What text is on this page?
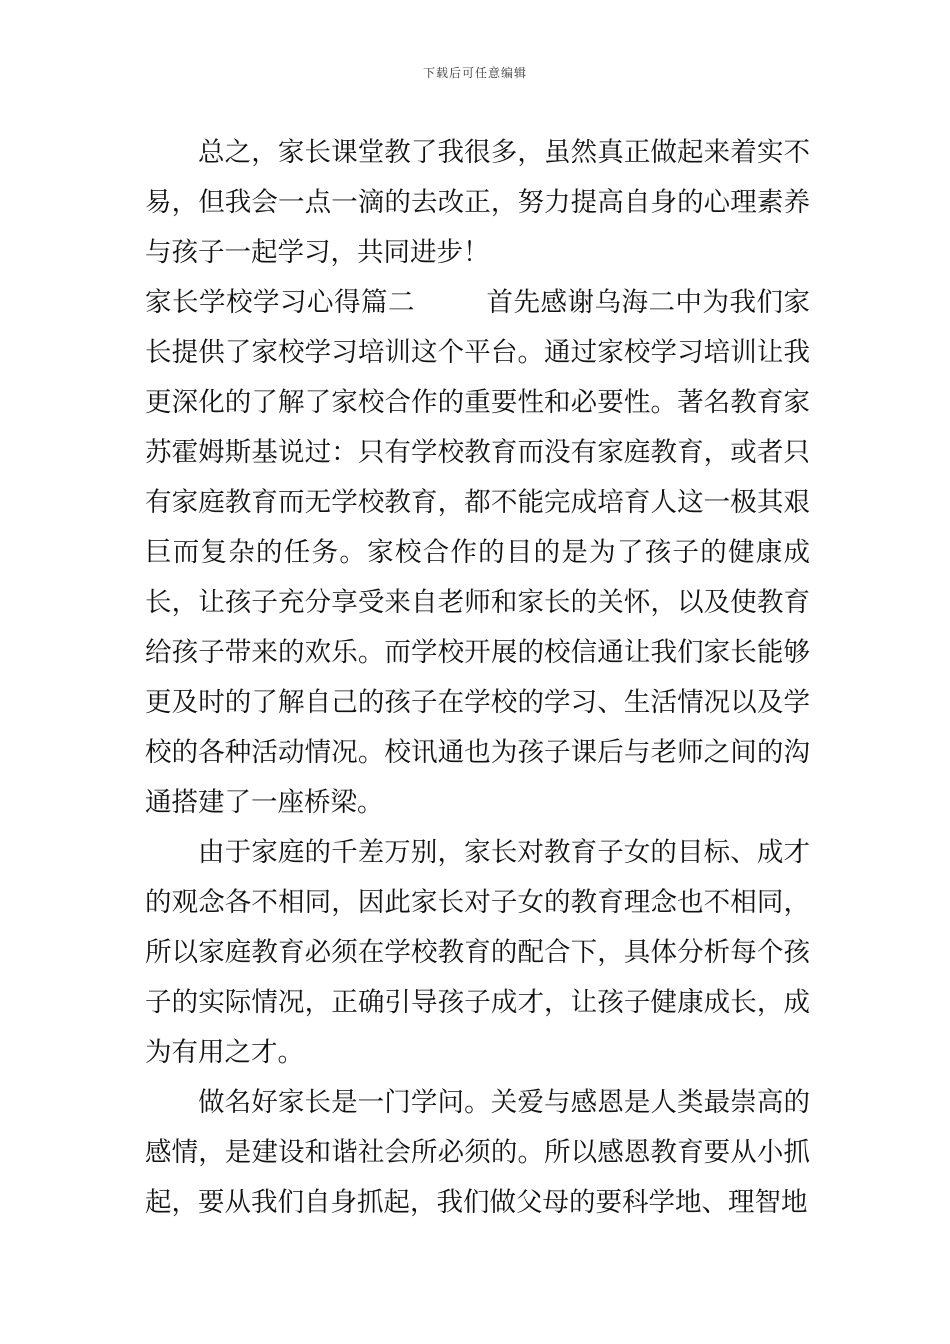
下载后可任意编辑

总之，家长课堂教了我很多，虽然真正做起来着实不易，但我会一点一滴的去改正，努力提高自身的心理素养与孩子一起学习，共同进步！

家长学校学习心得篇二	首先感谢乌海二中为我们家长提供了家校学习培训这个平台。通过家校学习培训让我更深化的了解了家校合作的重要性和必要性。著名教育家苏霍姆斯基说过：只有学校教育而没有家庭教育，或者只有家庭教育而无学校教育，都不能完成培育人这一极其艰巨而复杂的任务。家校合作的目的是为了孩子的健康成长，让孩子充分享受来自老师和家长的关怀，以及使教育给孩子带来的欢乐。而学校开展的校信通让我们家长能够更及时的了解自己的孩子在学校的学习、生活情况以及学校的各种活动情况。校讯通也为孩子课后与老师之间的沟通搭建了一座桥梁。

由于家庭的千差万别，家长对教育子女的目标、成才的观念各不相同，因此家长对子女的教育理念也不相同，所以家庭教育必须在学校教育的配合下，具体分析每个孩子的实际情况，正确引导孩子成才，让孩子健康成长，成为有用之才。

做名好家长是一门学问。关爱与感恩是人类最崇高的感情，是建设和谐社会所必须的。所以感恩教育要从小抓起，要从我们自身抓起，我们做父母的要科学地、理智地
